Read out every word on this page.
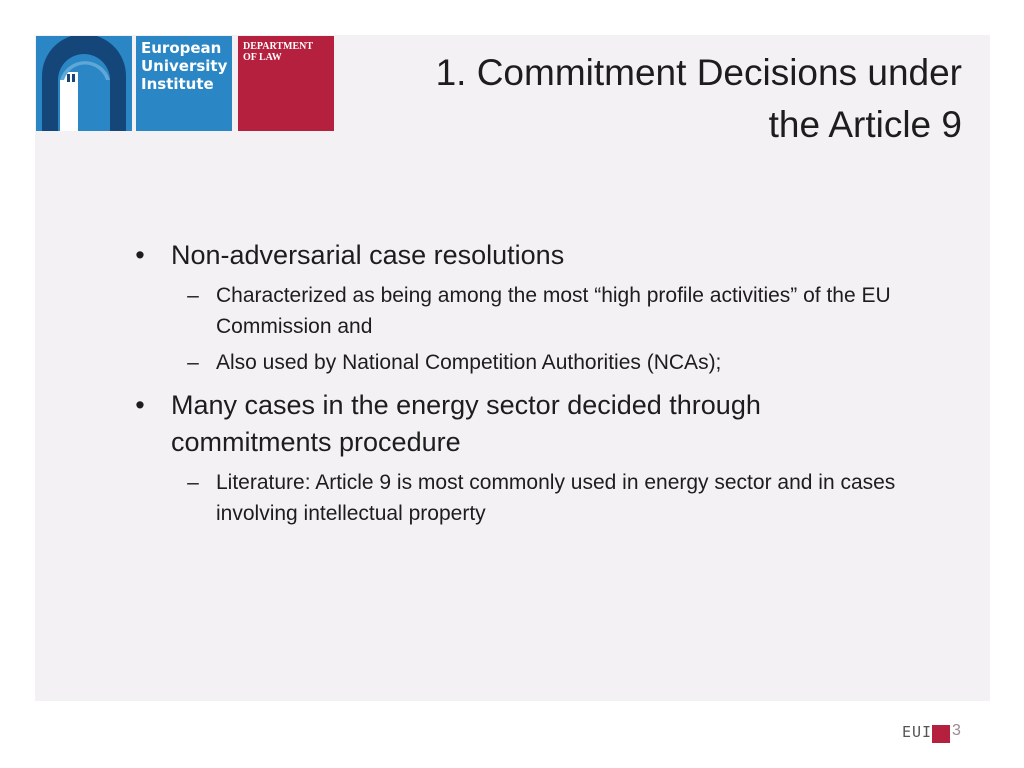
European
University
Institute
DEPARTMENT
OF LAW	1. Commitment Decisions under
the Article 9
• Non-adversarial case resolutions
– Characterized as being among the most “high profile activities” of the EU Commission and
– Also used by National Competition Authorities (NCAs);
• Many cases in the energy sector decided through commitments procedure
– Literature: Article 9 is most commonly used in energy sector and in cases involving intellectual property
EUI 3
